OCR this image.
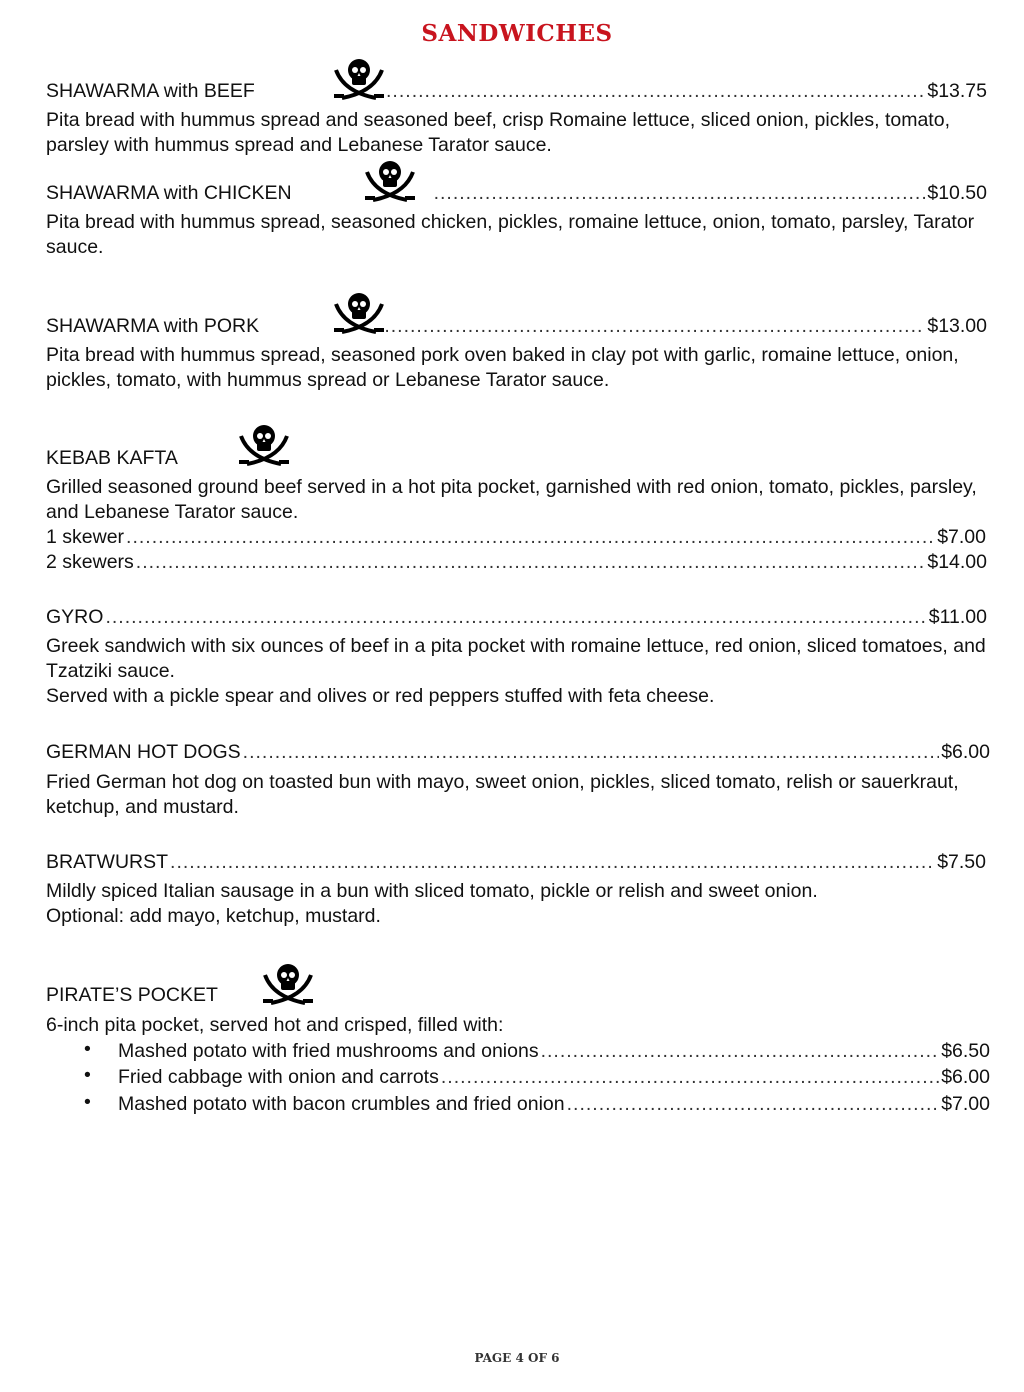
SANDWICHES
SHAWARMA with BEEF .....	$13.75
Pita bread with hummus spread and seasoned beef, crisp Romaine lettuce, sliced onion, pickles, tomato, parsley with hummus spread and Lebanese Tarator sauce.
SHAWARMA with CHICKEN .....	$10.50
Pita bread with hummus spread, seasoned chicken, pickles, romaine lettuce, onion, tomato, parsley, Tarator sauce.
SHAWARMA with PORK .....	$13.00
Pita bread with hummus spread, seasoned pork oven baked in clay pot with garlic, romaine lettuce, onion, pickles, tomato, with hummus spread or Lebanese Tarator sauce.
KEBAB KAFTA
Grilled seasoned ground beef served in a hot pita pocket, garnished with red onion, tomato, pickles, parsley, and Lebanese Tarator sauce.
1 skewer .....	$7.00
2 skewers .....	$14.00
GYRO .....	$11.00
Greek sandwich with six ounces of beef in a pita pocket with romaine lettuce, red onion, sliced tomatoes, and Tzatziki sauce.
Served with a pickle spear and olives or red peppers stuffed with feta cheese.
GERMAN HOT DOGS .....	$6.00
Fried German hot dog on toasted bun with mayo, sweet onion, pickles, sliced tomato, relish or sauerkraut, ketchup, and mustard.
BRATWURST .....	$7.50
Mildly spiced Italian sausage in a bun with sliced tomato, pickle or relish and sweet onion.
Optional: add mayo, ketchup, mustard.
PIRATE’S POCKET
6-inch pita pocket, served hot and crisped, filled with:
• Mashed potato with fried mushrooms and onions .....	$6.50
• Fried cabbage with onion and carrots .....	$6.00
• Mashed potato with bacon crumbles and fried onion .....	$7.00
PAGE 4 OF 6
